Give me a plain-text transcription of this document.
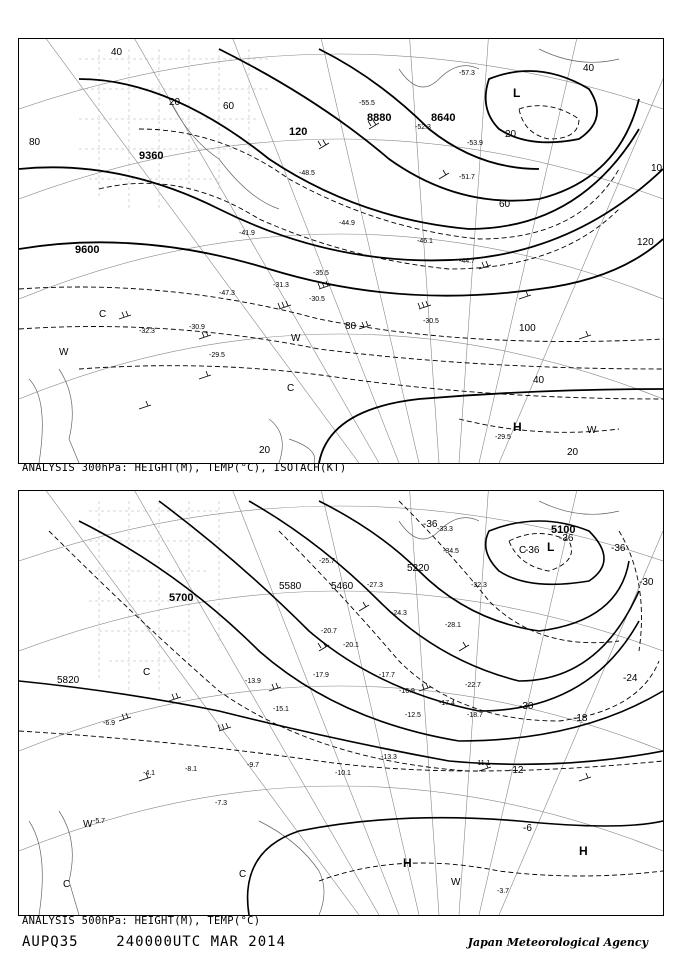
9360
9600
8880	8640
40
20	60
80
120
100
20
40
60
10
120
80
20
40
20
-55.5
-53.9
-51.7
-48.5
-44.9
-46.1
-44.7
-41.9
-35.5
-31.3
-30.5
-30.5
-32.3
-30.9
-29.5
-29.5
-47.3
-52.3
-57.3
L
H
C
W
C
W
W
ANALYSIS 300hPa: HEIGHT(M), TEMP(°C), ISOTACH(KT)
5700
5820
5460
5220
5100
5580
-36
-36
-36
-30
-24
-18
-12
-6
-30
-36
-25.7
-27.3
-24.3
-20.7
-20.1
-17.9	-17.7
-13.9
-15.1
-12.5
-10.1
-11.1
-13.3
-9.7
-7.3
-8.1
-6.9
-4.1
-3.7
-5.7
-33.3
-34.5
-32.3
-28.1
-22.7
-18.7
-16.9
-17.4
L
C
C
W
C
C
H
W
H
ANALYSIS 500hPa: HEIGHT(M), TEMP(°C)
AUPQ35	240000UTC MAR 2014	Japan Meteorological Agency
